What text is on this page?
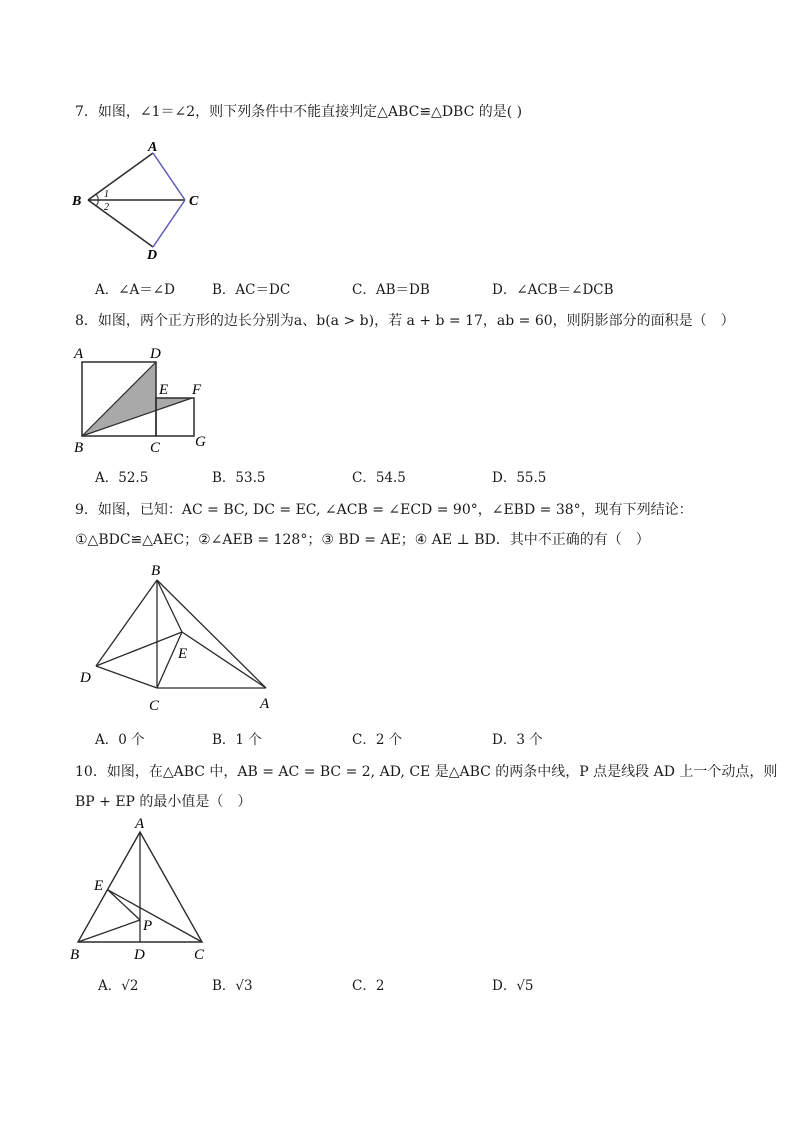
7．如图，∠1＝∠2，则下列条件中不能直接判定△ABC≌△DBC 的是( )
A
B	C
D
1
2
A．∠A＝∠D	B．AC＝DC	C．AB＝DB	D．∠ACB＝∠DCB
8．如图，两个正方形的边长分别为a、b(a > b)，若 a + b = 17，ab = 60，则阴影部分的面积是（　）
A	D
E F
B	C G
A．52.5	B．53.5	C．54.5	D．55.5
9．如图，已知：AC = BC, DC = EC, ∠ACB = ∠ECD = 90°，∠EBD = 38°，现有下列结论：
①△BDC≌△AEC；②∠AEB = 128°；③ BD = AE；④ AE ⊥ BD．其中不正确的有（　）
B
E
D
C	A
A．0 个	B．1 个	C．2 个	D．3 个
10．如图，在△ABC 中，AB = AC = BC = 2, AD, CE 是△ABC 的两条中线，P 点是线段 AD 上一个动点，则
BP + EP 的最小值是（　）
A
E
P
B	D	C
A．√2	B．√3	C．2	D．√5
